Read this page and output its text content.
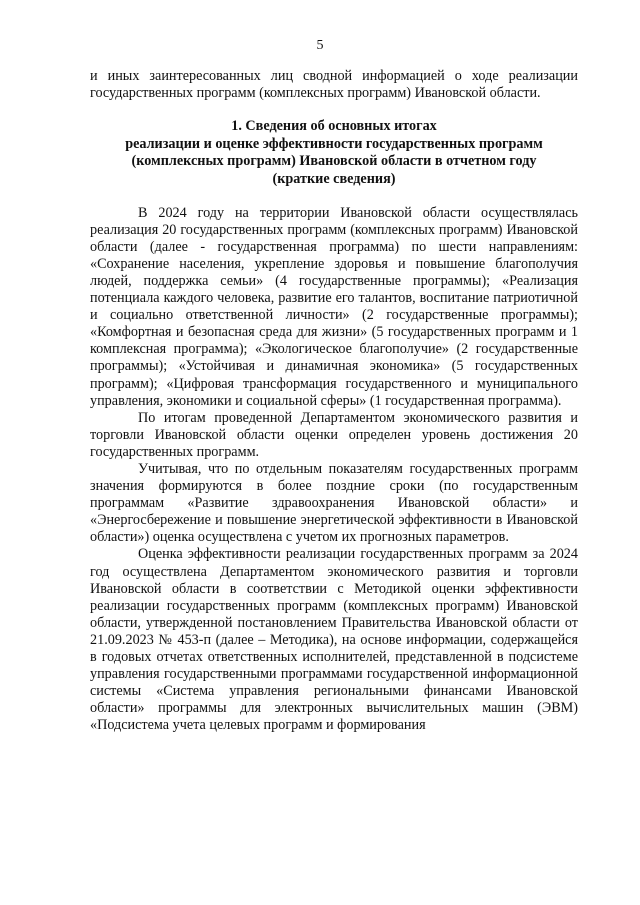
5

и иных заинтересованных лиц сводной информацией о ходе реализации государственных программ (комплексных программ) Ивановской области.

1. Сведения об основных итогах
реализации и оценке эффективности государственных программ
(комплексных программ) Ивановской области в отчетном году
(краткие сведения)

В 2024 году на территории Ивановской области осуществлялась реализация 20 государственных программ (комплексных программ) Ивановской области (далее - государственная программа) по шести направлениям: «Сохранение населения, укрепление здоровья и повышение благополучия людей, поддержка семьи» (4 государственные программы); «Реализация потенциала каждого человека, развитие его талантов, воспитание патриотичной и социально ответственной личности» (2 государственные программы); «Комфортная и безопасная среда для жизни» (5 государственных программ и 1 комплексная программа); «Экологическое благополучие» (2 государственные программы); «Устойчивая и динамичная экономика» (5 государственных программ); «Цифровая трансформация государственного и муниципального управления, экономики и социальной сферы» (1 государственная программа).

По итогам проведенной Департаментом экономического развития и торговли Ивановской области оценки определен уровень достижения 20 государственных программ.

Учитывая, что по отдельным показателям государственных программ значения формируются в более поздние сроки (по государственным программам «Развитие здравоохранения Ивановской области» и «Энергосбережение и повышение энергетической эффективности в Ивановской области») оценка осуществлена с учетом их прогнозных параметров.

Оценка эффективности реализации государственных программ за 2024 год осуществлена Департаментом экономического развития и торговли Ивановской области в соответствии с Методикой оценки эффективности реализации государственных программ (комплексных программ) Ивановской области, утвержденной постановлением Правительства Ивановской области от 21.09.2023 № 453-п (далее – Методика), на основе информации, содержащейся в годовых отчетах ответственных исполнителей, представленной в подсистеме управления государственными программами государственной информационной системы «Система управления региональными финансами Ивановской области» программы для электронных вычислительных машин (ЭВМ) «Подсистема учета целевых программ и формирования
